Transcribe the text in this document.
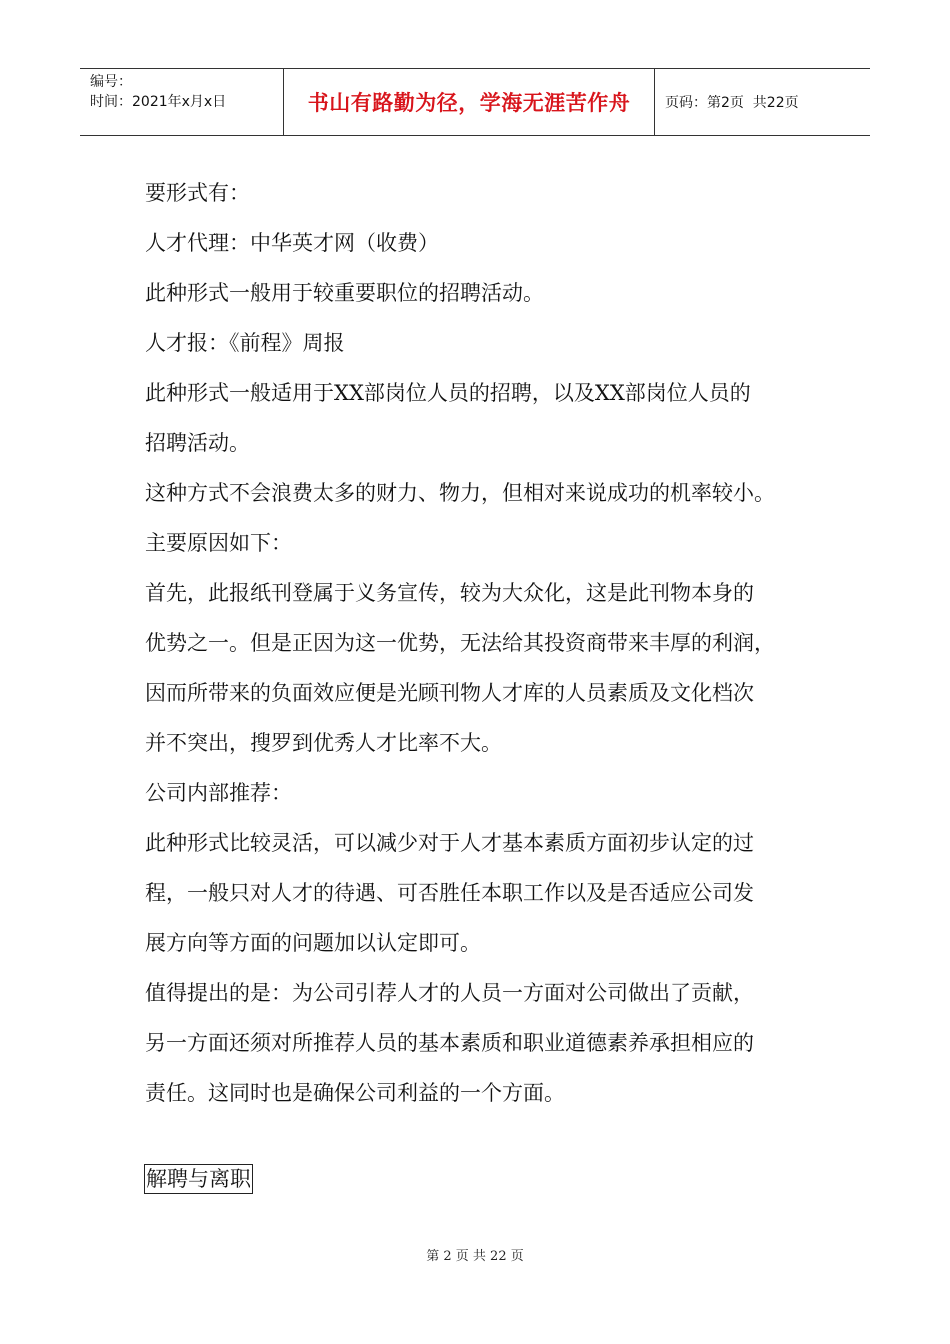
编号：
时间：2021年x月x日	书山有路勤为径，学海无涯苦作舟	页码：第2页  共22页

要形式有：

人才代理：中华英才网（收费）

此种形式一般用于较重要职位的招聘活动。

人才报：《前程》周报

此种形式一般适用于XX部岗位人员的招聘，以及XX部岗位人员的

招聘活动。

这种方式不会浪费太多的财力、物力，但相对来说成功的机率较小。

主要原因如下：

首先，此报纸刊登属于义务宣传，较为大众化，这是此刊物本身的

优势之一。但是正因为这一优势，无法给其投资商带来丰厚的利润，

因而所带来的负面效应便是光顾刊物人才库的人员素质及文化档次

并不突出，搜罗到优秀人才比率不大。

公司内部推荐：

此种形式比较灵活，可以减少对于人才基本素质方面初步认定的过

程，一般只对人才的待遇、可否胜任本职工作以及是否适应公司发

展方向等方面的问题加以认定即可。

值得提出的是：为公司引荐人才的人员一方面对公司做出了贡献，

另一方面还须对所推荐人员的基本素质和职业道德素养承担相应的

责任。这同时也是确保公司利益的一个方面。

解聘与离职
第 2 页 共 22 页
